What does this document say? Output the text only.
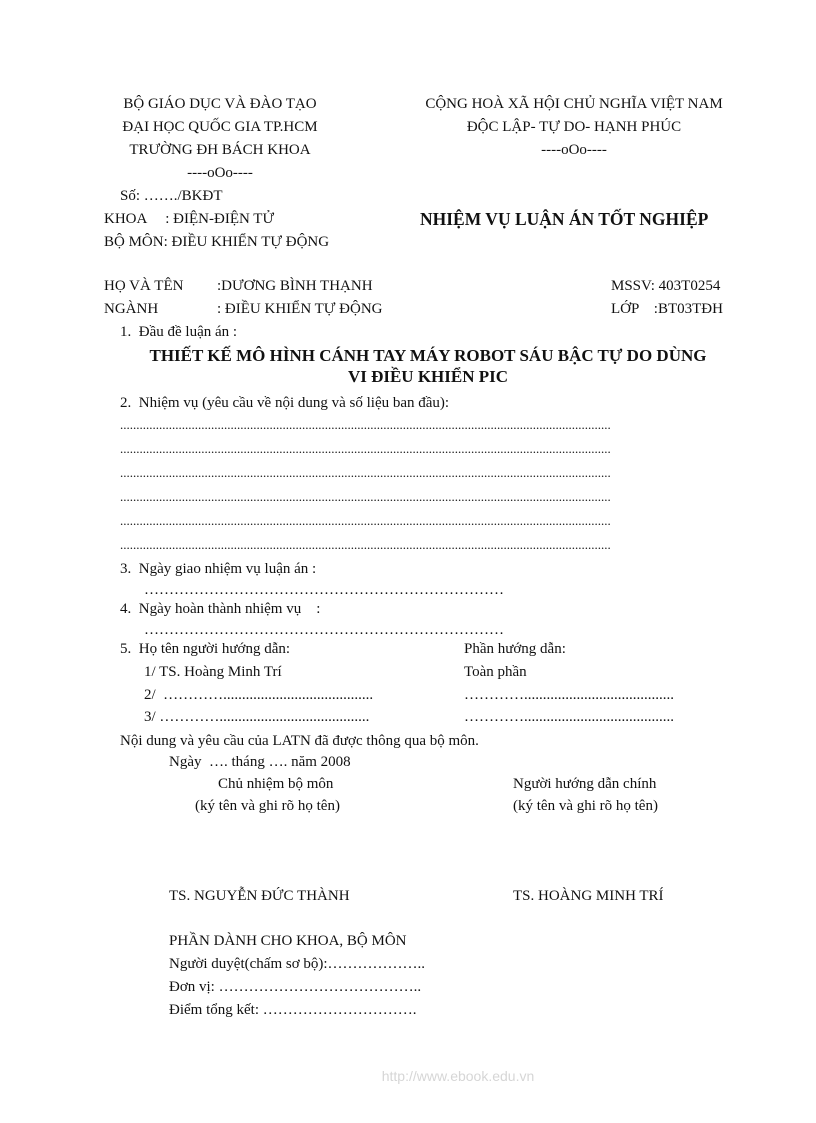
BỘ GIÁO DỤC VÀ ĐÀO TẠO
ĐẠI HỌC QUỐC GIA TP.HCM
TRƯỜNG ĐH BÁCH KHOA
----oOo----
Số: ……./BKĐT
CỘNG HOÀ XÃ HỘI CHỦ NGHĨA VIỆT NAM
ĐỘC LẬP- TỰ DO- HẠNH PHÚC
----oOo----
KHOA     : ĐIỆN-ĐIỆN TỬ
BỘ MÔN: ĐIỀU KHIỂN TỰ ĐỘNG
NHIỆM VỤ LUẬN ÁN TỐT NGHIỆP
HỌ VÀ TÊN :DƯƠNG BÌNH THẠNH	MSSV: 403T0254
NGÀNH	: ĐIỀU KHIỂN TỰ ĐỘNG	LỚP    :BT03TĐH
1.  Đầu đề luận án :
THIẾT KẾ MÔ HÌNH CÁNH TAY MÁY ROBOT SÁU BẬC TỰ DO DÙNG
VI ĐIỀU KHIỂN PIC
2.  Nhiệm vụ (yêu cầu về nội dung và số liệu ban đầu):
.......................................................................................................................................................
.......................................................................................................................................................
.......................................................................................................................................................
.......................................................................................................................................................
.......................................................................................................................................................
.......................................................................................................................................................
3.  Ngày giao nhiệm vụ luận án :
………………………………………………………………
4.  Ngày hoàn thành nhiệm vụ    :
………………………………………………………………
5.  Họ tên người hướng dẫn:	Phần hướng dẫn:
1/ TS. Hoàng Minh Trí	Toàn phần
2/  …………........................................	…………........................................
3/ …………........................................	…………........................................
Nội dung và yêu cầu của LATN đã được thông qua bộ môn.
Ngày  …. tháng …. năm 2008
Chủ nhiệm bộ môn	Người hướng dẫn chính
(ký tên và ghi rõ họ tên)	(ký tên và ghi rõ họ tên)
TS. NGUYỄN ĐỨC THÀNH	TS. HOÀNG MINH TRÍ
PHẦN DÀNH CHO KHOA, BỘ MÔN
Người duyệt(chấm sơ bộ):………………..
Đơn vị: …………………………………..
Điểm tổng kết: ………………………….
http://www.ebook.edu.vn
